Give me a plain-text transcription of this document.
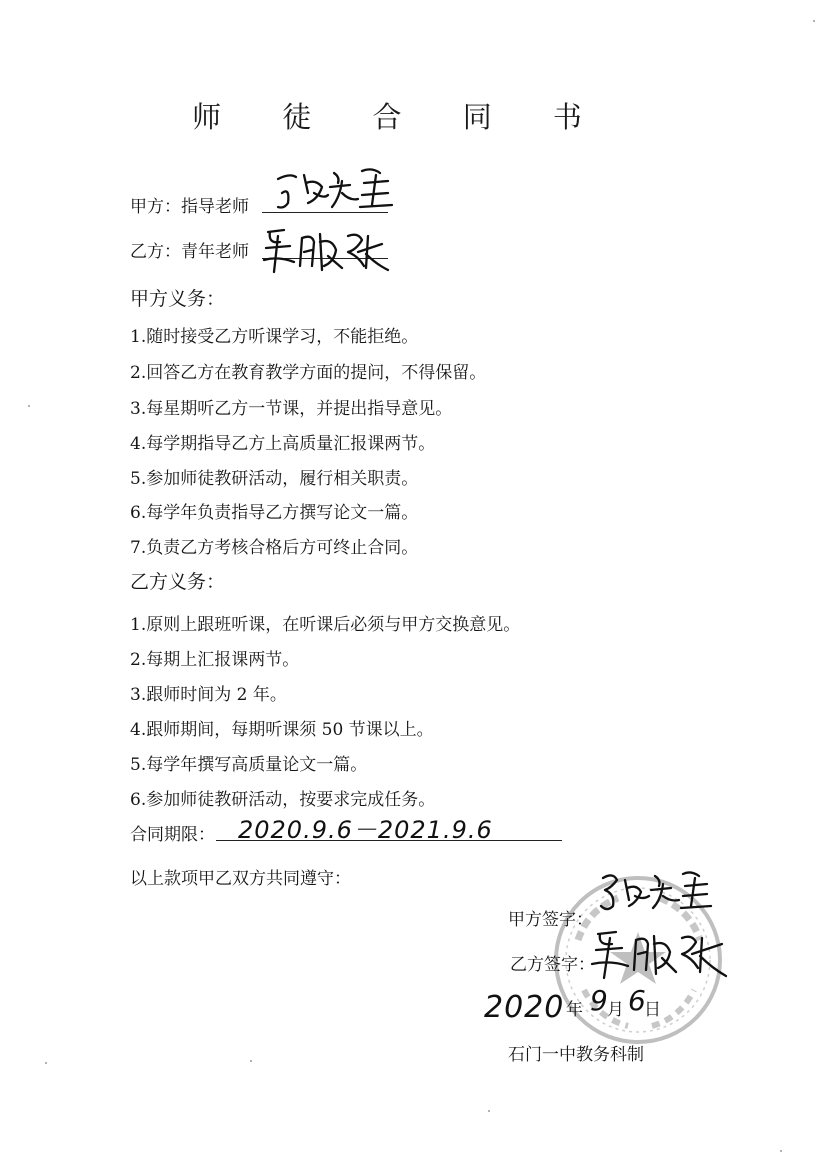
师 徒 合 同 书
甲方：指导老师
乙方：青年老师
甲方义务：
1.随时接受乙方听课学习，不能拒绝。
2.回答乙方在教育教学方面的提问，不得保留。
3.每星期听乙方一节课，并提出指导意见。
4.每学期指导乙方上高质量汇报课两节。
5.参加师徒教研活动，履行相关职责。
6.每学年负责指导乙方撰写论文一篇。
7.负责乙方考核合格后方可终止合同。
乙方义务：
1.原则上跟班听课，在听课后必须与甲方交换意见。
2.每期上汇报课两节。
3.跟师时间为 2 年。
4.跟师期间，每期听课须 50 节课以上。
5.每学年撰写高质量论文一篇。
6.参加师徒教研活动，按要求完成任务。
合同期限： 2020.9.6－2021.9.6
以上款项甲乙双方共同遵守：
甲方签字：
乙方签字：
2020 年 9
月 6
日
石门一中教务科制
